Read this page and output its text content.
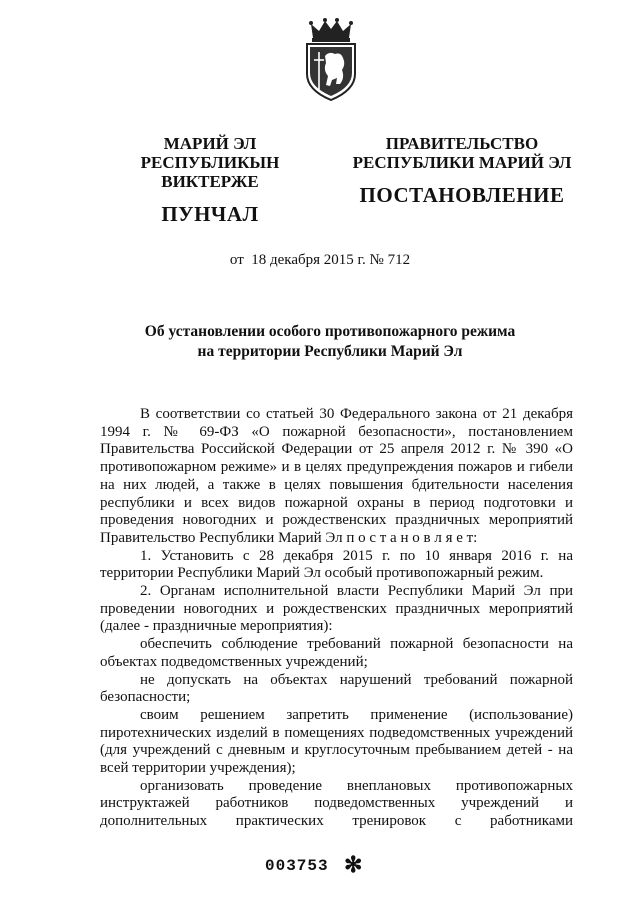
МАРИЙ ЭЛ РЕСПУБЛИКЫН
ВИКТЕРЖЕ
ПУНЧАЛ
ПРАВИТЕЛЬСТВО
РЕСПУБЛИКИ МАРИЙ ЭЛ
ПОСТАНОВЛЕНИЕ
от  18 декабря 2015 г. № 712
Об установлении особого противопожарного режима
на территории Республики Марий Эл

В соответствии со статьей 30 Федерального закона от 21 декабря 1994 г. № 69-ФЗ «О пожарной безопасности», постановлением Правительства Российской Федерации от 25 апреля 2012 г. № 390 «О противопожарном режиме» и в целях предупреждения пожаров и гибели на них людей, а также в целях повышения бдительности населения республики и всех видов пожарной охраны в период подготовки и проведения новогодних и рождественских праздничных мероприятий Правительство Республики Марий Эл п о с т а н о в л я е т:

1. Установить с 28 декабря 2015 г. по 10 января 2016 г. на территории Республики Марий Эл особый противопожарный режим.

2. Органам исполнительной власти Республики Марий Эл при проведении новогодних и рождественских праздничных мероприятий (далее - праздничные мероприятия):

обеспечить соблюдение требований пожарной безопасности на объектах подведомственных учреждений;

не допускать на объектах нарушений требований пожарной безопасности;

своим решением запретить применение (использование) пиротехнических изделий в помещениях подведомственных учреждений (для учреждений с дневным и круглосуточным пребыванием детей - на всей территории учреждения);

организовать проведение внеплановых противопожарных инструктажей работников подведомственных учреждений и дополнительных практических тренировок с работниками

003753 ✻
